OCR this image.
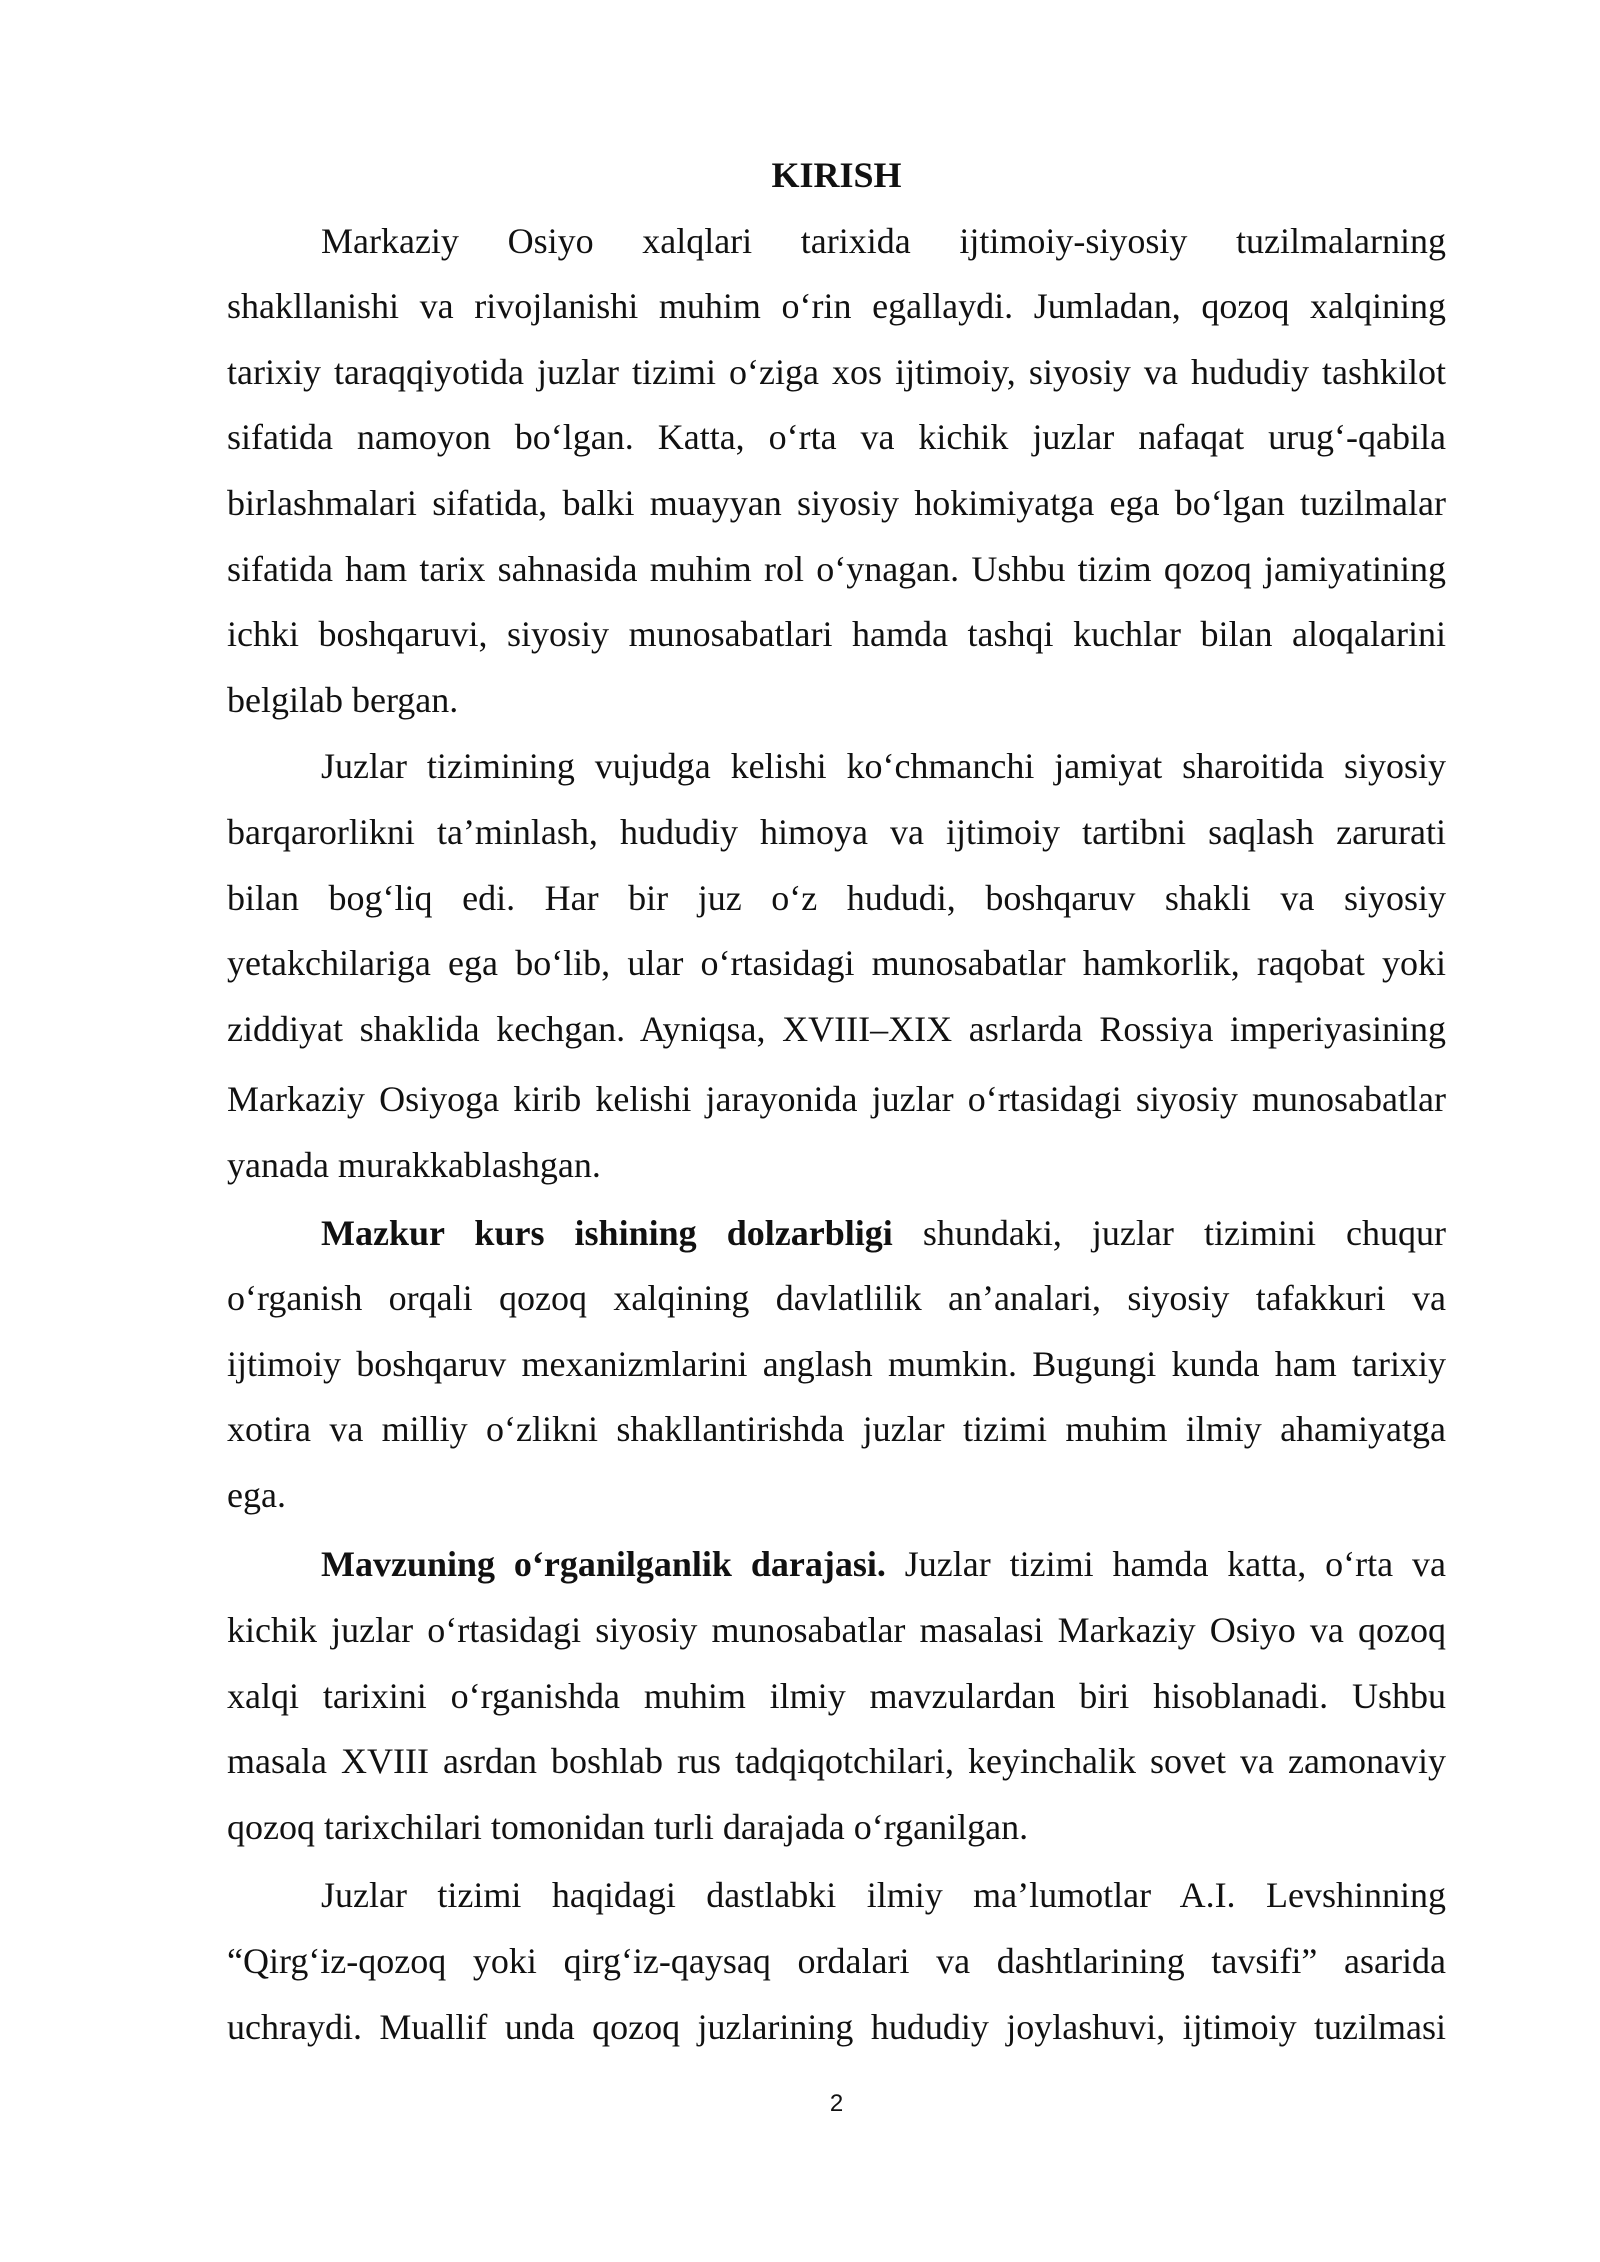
KIRISH
Markaziy Osiyo xalqlari tarixida ijtimoiy-siyosiy tuzilmalarning
shakllanishi va rivojlanishi muhim o‘rin egallaydi. Jumladan, qozoq xalqining
tarixiy taraqqiyotida juzlar tizimi o‘ziga xos ijtimoiy, siyosiy va hududiy tashkilot
sifatida namoyon bo‘lgan. Katta, o‘rta va kichik juzlar nafaqat urug‘-qabila
birlashmalari sifatida, balki muayyan siyosiy hokimiyatga ega bo‘lgan tuzilmalar
sifatida ham tarix sahnasida muhim rol o‘ynagan. Ushbu tizim qozoq jamiyatining
ichki boshqaruvi, siyosiy munosabatlari hamda tashqi kuchlar bilan aloqalarini
belgilab bergan.
Juzlar tizimining vujudga kelishi ko‘chmanchi jamiyat sharoitida siyosiy
barqarorlikni ta’minlash, hududiy himoya va ijtimoiy tartibni saqlash zarurati
bilan bog‘liq edi. Har bir juz o‘z hududi, boshqaruv shakli va siyosiy
yetakchilariga ega bo‘lib, ular o‘rtasidagi munosabatlar hamkorlik, raqobat yoki
ziddiyat shaklida kechgan. Ayniqsa, XVIII–XIX asrlarda Rossiya imperiyasining
Markaziy Osiyoga kirib kelishi jarayonida juzlar o‘rtasidagi siyosiy munosabatlar
yanada murakkablashgan.
Mazkur kurs ishining dolzarbligi shundaki, juzlar tizimini chuqur
o‘rganish orqali qozoq xalqining davlatlilik an’analari, siyosiy tafakkuri va
ijtimoiy boshqaruv mexanizmlarini anglash mumkin. Bugungi kunda ham tarixiy
xotira va milliy o‘zlikni shakllantirishda juzlar tizimi muhim ilmiy ahamiyatga
ega.
Mavzuning o‘rganilganlik darajasi. Juzlar tizimi hamda katta, o‘rta va
kichik juzlar o‘rtasidagi siyosiy munosabatlar masalasi Markaziy Osiyo va qozoq
xalqi tarixini o‘rganishda muhim ilmiy mavzulardan biri hisoblanadi. Ushbu
masala XVIII asrdan boshlab rus tadqiqotchilari, keyinchalik sovet va zamonaviy
qozoq tarixchilari tomonidan turli darajada o‘rganilgan.
Juzlar tizimi haqidagi dastlabki ilmiy ma’lumotlar A.I. Levshinning
“Qirg‘iz-qozoq yoki qirg‘iz-qaysaq ordalari va dashtlarining tavsifi” asarida
uchraydi. Muallif unda qozoq juzlarining hududiy joylashuvi, ijtimoiy tuzilmasi
2
